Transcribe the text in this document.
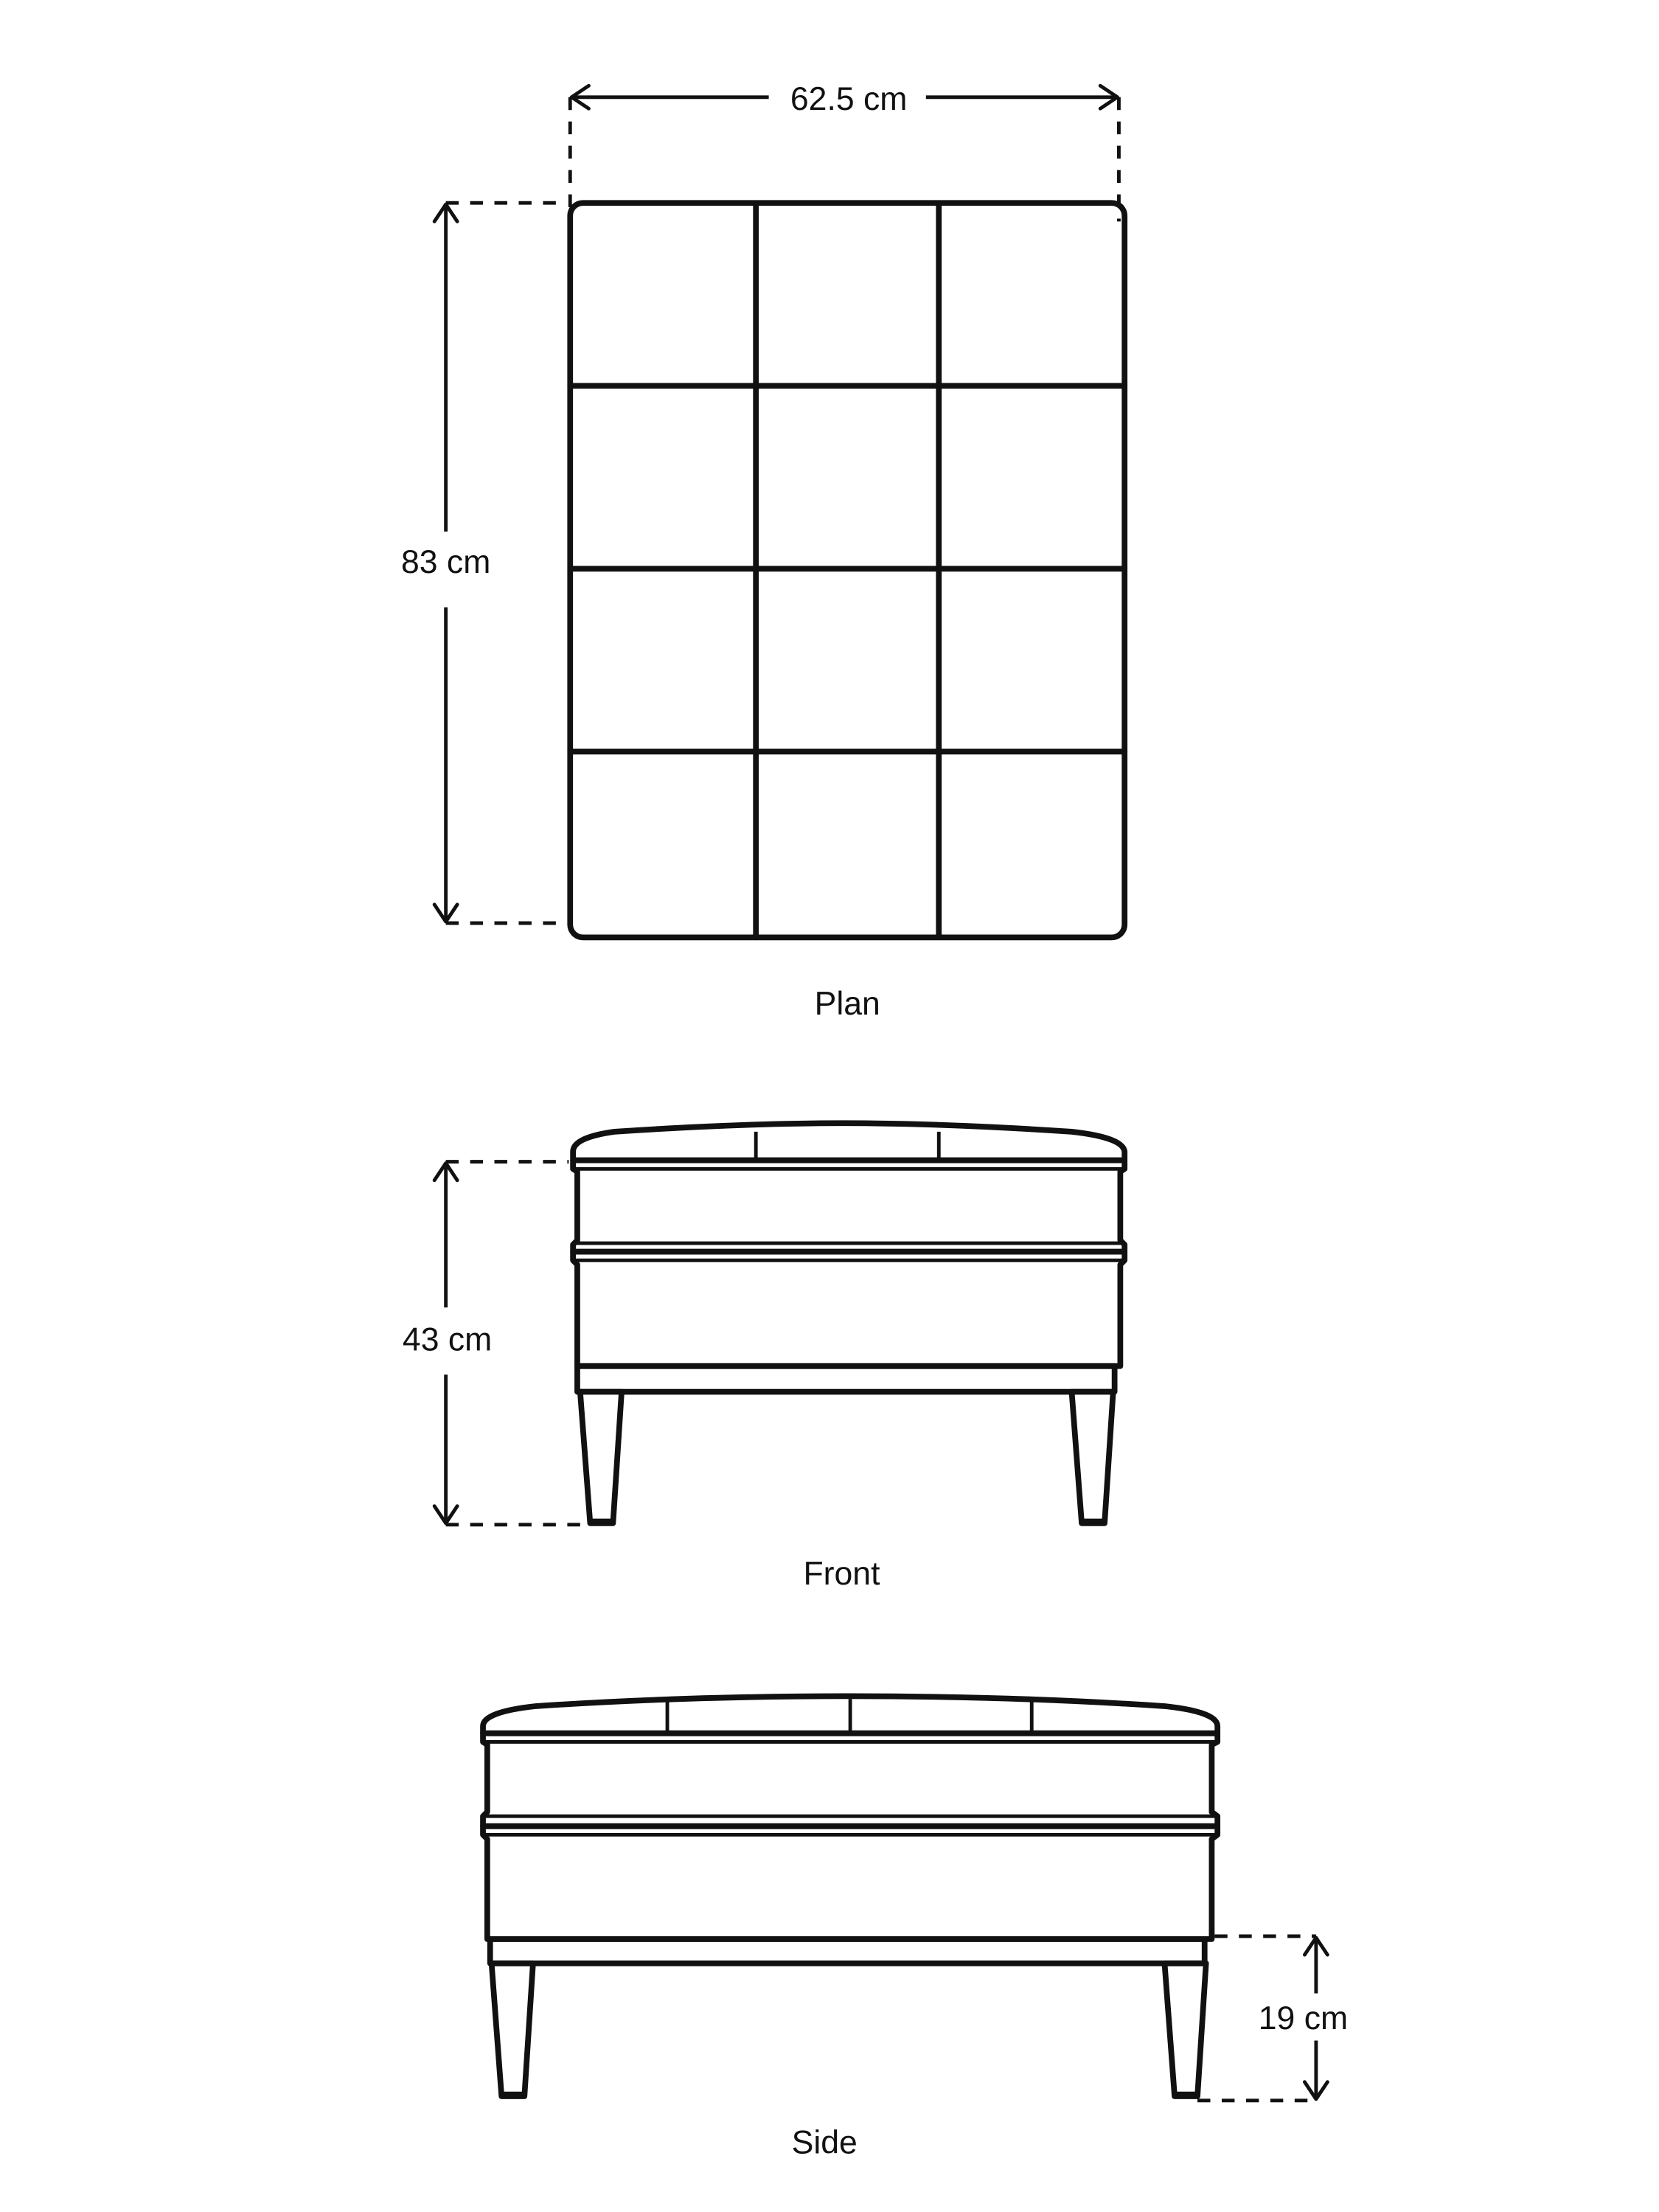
62.5 cm
83 cm
Plan
43 cm
Front
19 cm
Side
